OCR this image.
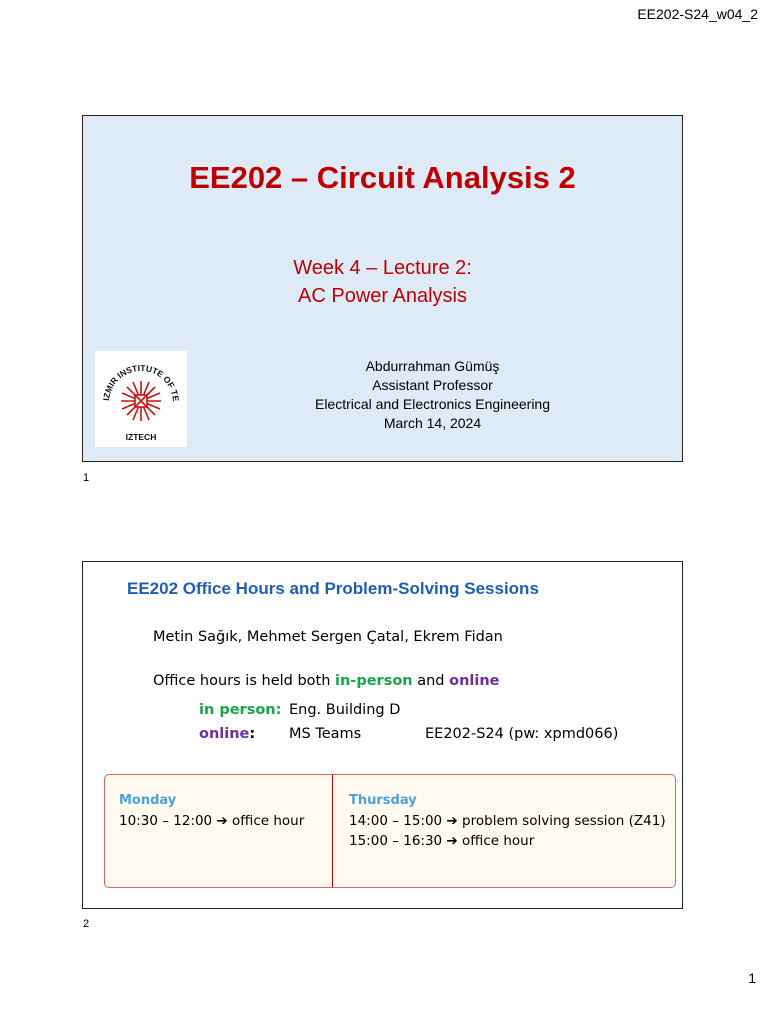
EE202-S24_w04_2
EE202 – Circuit Analysis 2
Week 4 – Lecture 2:
AC Power Analysis
IZMIR INSTITUTE OF TE
IZTECH
Abdurrahman Gümüş
Assistant Professor
Electrical and Electronics Engineering
March 14, 2024
1
EE202 Office Hours and Problem-Solving Sessions
Metin Sağık, Mehmet Sergen Çatal, Ekrem Fidan
Office hours is held both in-person and online
in person: Eng. Building D
online: MS Teams	EE202-S24 (pw: xpmd066)
Monday
10:30 – 12:00 ➔ office hour
Thursday
14:00 – 15:00 ➔ problem solving session (Z41)
15:00 – 16:30 ➔ office hour
2
1
